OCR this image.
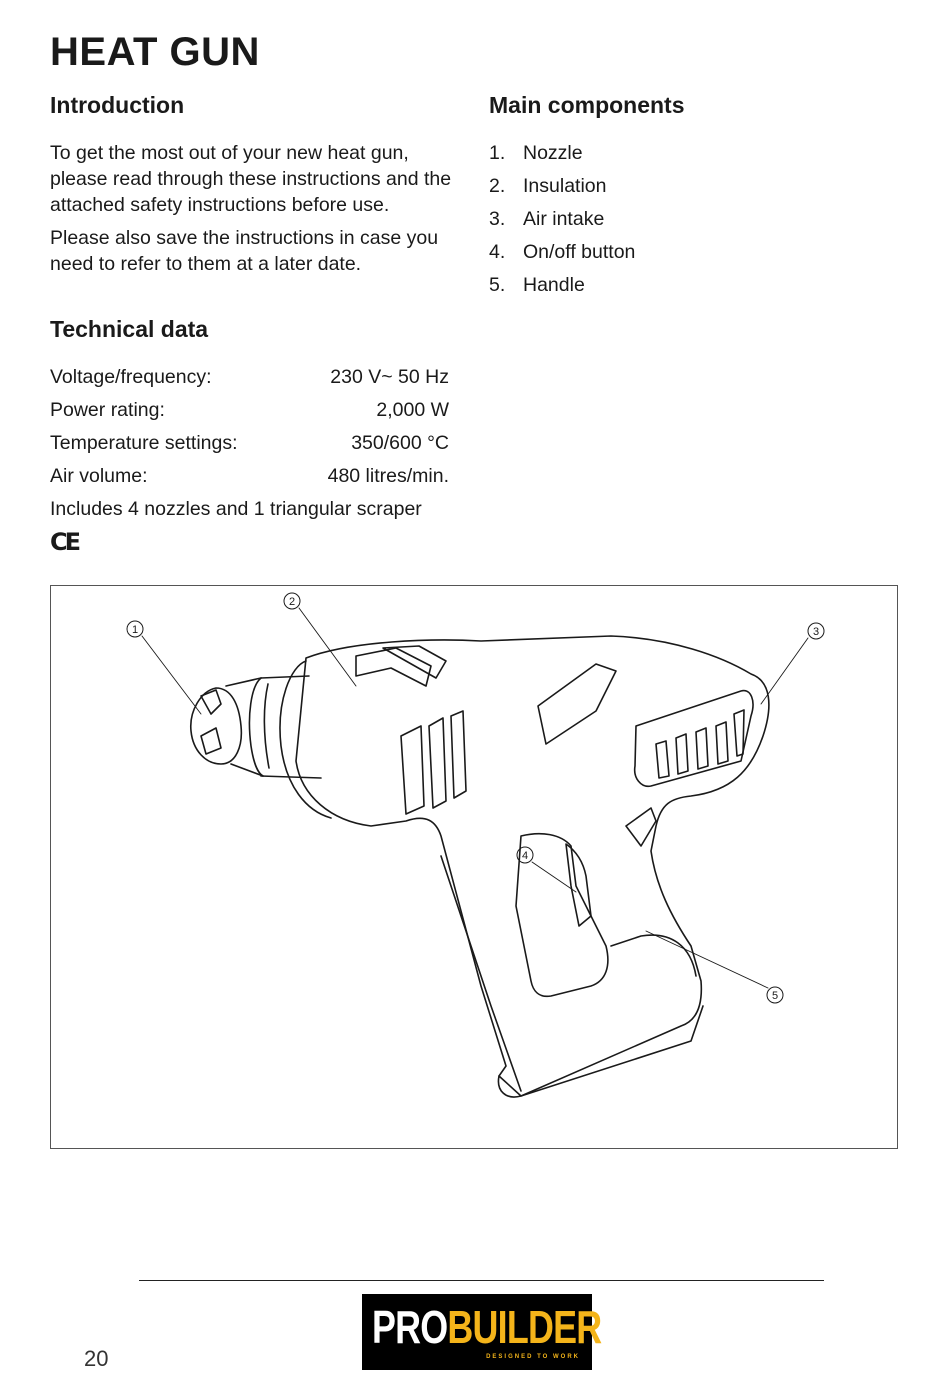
HEAT GUN
Introduction

To get the most out of your new heat gun, please read through these instructions and the attached safety instructions before use.

Please also save the instructions in case you need to refer to them at a later date.

Main components
1. Nozzle
2. Insulation
3. Air intake
4. On/off button
5. Handle
Technical data
Voltage/frequency:	230 V~ 50 Hz
Power rating:	2,000 W
Temperature settings:	350/600 °C
Air volume:	480 litres/min.
Includes 4 nozzles and 1 triangular scraper
CE
1
2
3
4
5
20
PROBUILDER
DESIGNED TO WORK
